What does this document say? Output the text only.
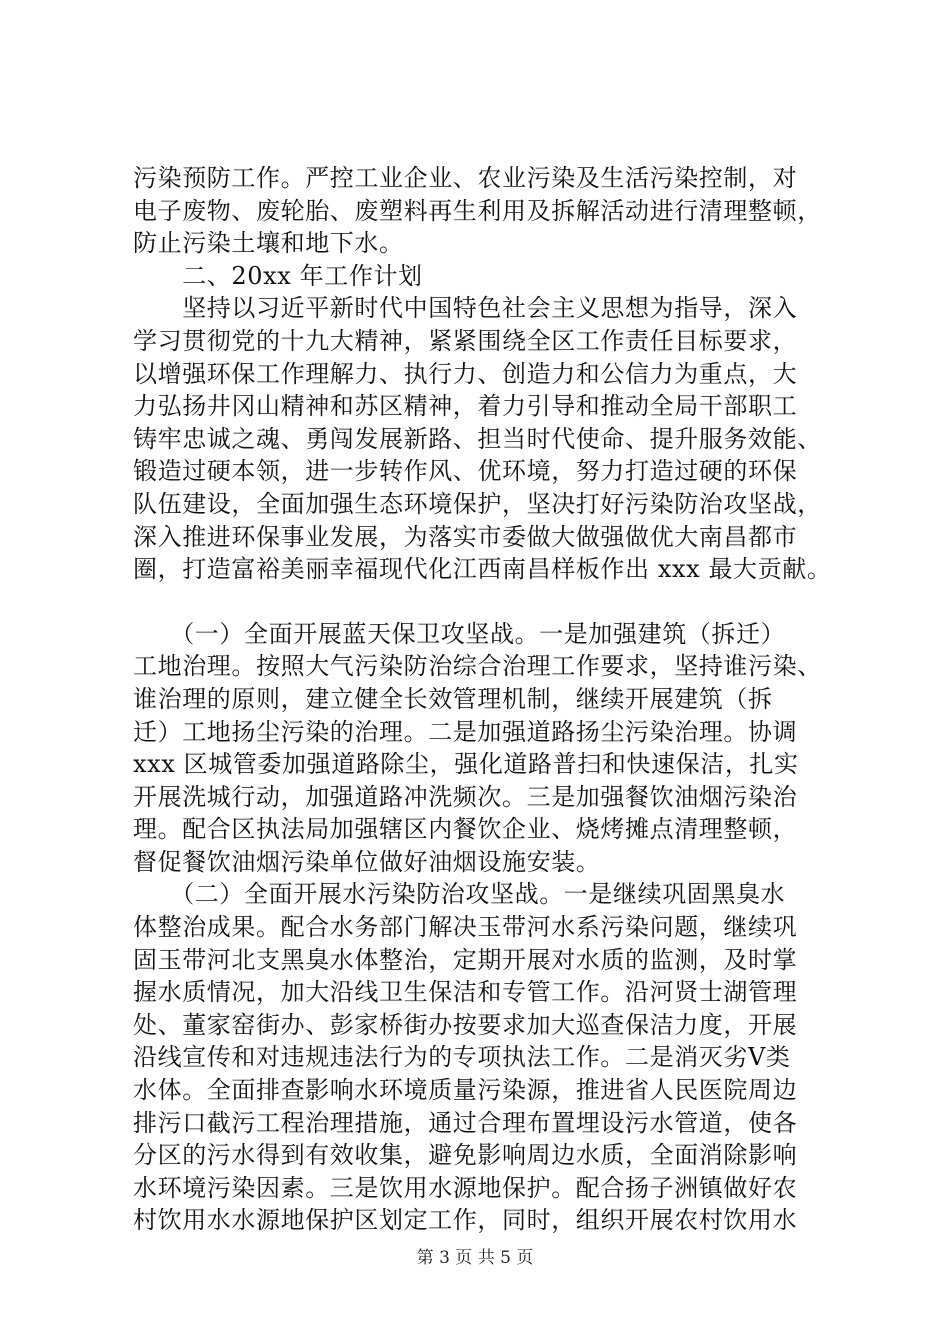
污染预防工作。严控工业企业、农业污染及生活污染控制，对
电子废物、废轮胎、废塑料再生利用及拆解活动进行清理整顿，
防止污染土壤和地下水。
　　二、20xx 年工作计划
　　坚持以习近平新时代中国特色社会主义思想为指导，深入
学习贯彻党的十九大精神，紧紧围绕全区工作责任目标要求，
以增强环保工作理解力、执行力、创造力和公信力为重点，大
力弘扬井冈山精神和苏区精神，着力引导和推动全局干部职工
铸牢忠诚之魂、勇闯发展新路、担当时代使命、提升服务效能、
锻造过硬本领，进一步转作风、优环境，努力打造过硬的环保
队伍建设，全面加强生态环境保护，坚决打好污染防治攻坚战，
深入推进环保事业发展，为落实市委做大做强做优大南昌都市
圈，打造富裕美丽幸福现代化江西南昌样板作出 xxx 最大贡献。
　　（一）全面开展蓝天保卫攻坚战。一是加强建筑（拆迁）
工地治理。按照大气污染防治综合治理工作要求，坚持谁污染、
谁治理的原则，建立健全长效管理机制，继续开展建筑（拆
迁）工地扬尘污染的治理。二是加强道路扬尘污染治理。协调
xxx 区城管委加强道路除尘，强化道路普扫和快速保洁，扎实
开展洗城行动，加强道路冲洗频次。三是加强餐饮油烟污染治
理。配合区执法局加强辖区内餐饮企业、烧烤摊点清理整顿，
督促餐饮油烟污染单位做好油烟设施安装。
　　（二）全面开展水污染防治攻坚战。一是继续巩固黑臭水
体整治成果。配合水务部门解决玉带河水系污染问题，继续巩
固玉带河北支黑臭水体整治，定期开展对水质的监测，及时掌
握水质情况，加大沿线卫生保洁和专管工作。沿河贤士湖管理
处、董家窑街办、彭家桥街办按要求加大巡查保洁力度，开展
沿线宣传和对违规违法行为的专项执法工作。二是消灭劣Ⅴ类
水体。全面排查影响水环境质量污染源，推进省人民医院周边
排污口截污工程治理措施，通过合理布置埋设污水管道，使各
分区的污水得到有效收集，避免影响周边水质，全面消除影响
水环境污染因素。三是饮用水源地保护。配合扬子洲镇做好农
村饮用水水源地保护区划定工作，同时，组织开展农村饮用水
第 3 页 共 5 页
